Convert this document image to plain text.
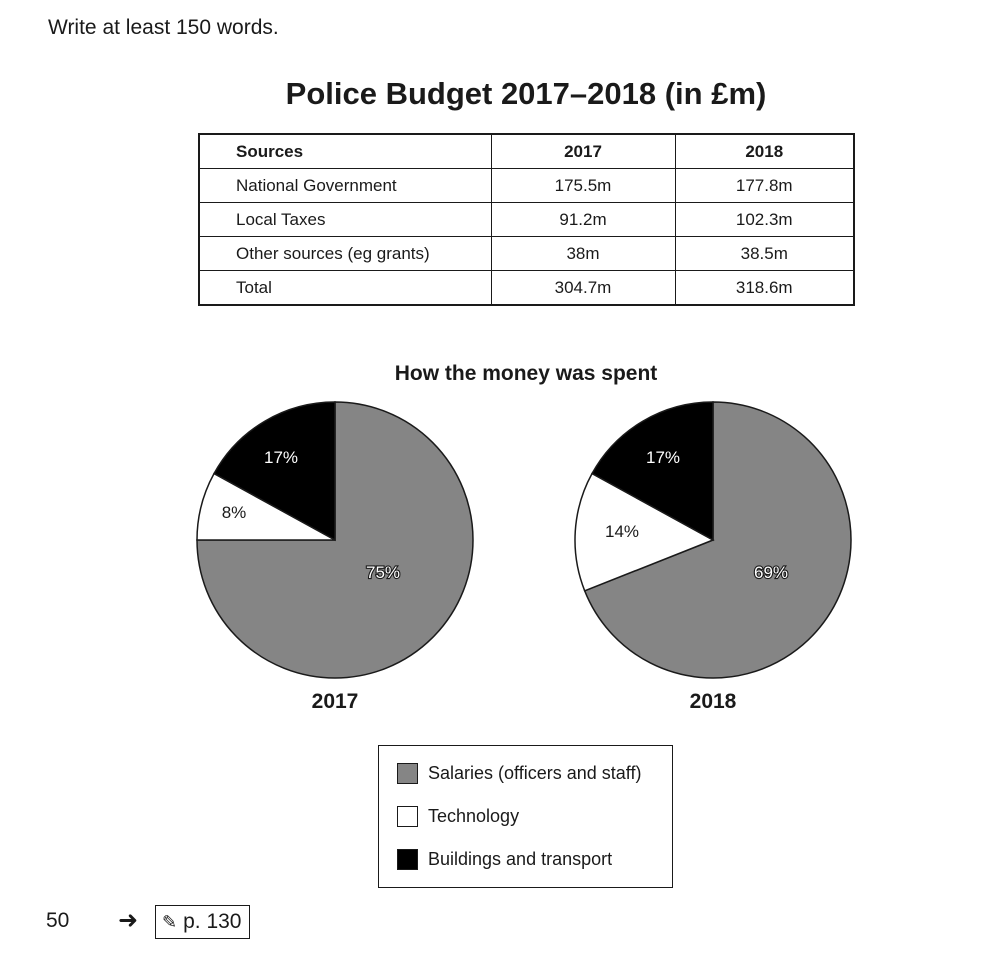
Write at least 150 words.
Police Budget 2017–2018 (in £m)
Sources	2017	2018
National Government	175.5m	177.8m
Local Taxes	91.2m	102.3m
Other sources (eg grants)	38m	38.5m
Total	304.7m	318.6m
How the money was spent
75%
8%
17%
2017
69%
14%
17%
2018
Salaries (officers and staff)
Technology
Buildings and transport
50 ➜ ✎ p. 130
